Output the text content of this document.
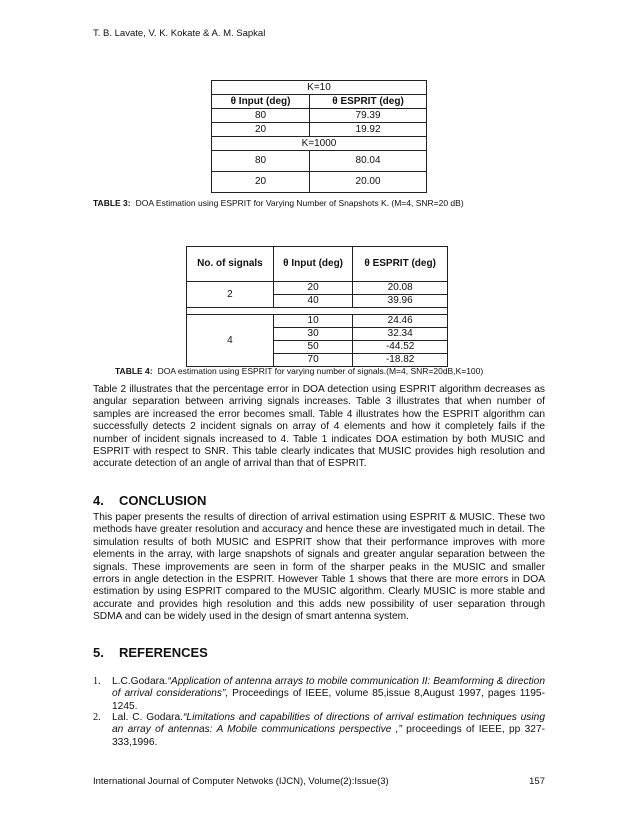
T. B. Lavate, V. K. Kokate & A. M. Sapkal
K=10	
θ Input (deg)	θ ESPRIT (deg)
80	79.39
20	19.92
K=1000	
80	80.04
20	20.00
TABLE 3: DOA Estimation using ESPRIT for Varying Number of Snapshots K. (M=4, SNR=20 dB)
No. of signals	θ Input (deg)	θ ESPRIT (deg)
2	20	20.08
	40	39.96

4	10	24.46
	30	32.34
	50	-44.52
	70	-18.82
TABLE 4: DOA estimation using ESPRIT for varying number of signals.(M=4, SNR=20dB,K=100)

Table 2 illustrates that the percentage error in DOA detection using ESPRIT algorithm decreases as angular separation between arriving signals increases. Table 3 illustrates that when number of samples are increased the error becomes small. Table 4 illustrates how the ESPRIT algorithm can successfully detects 2 incident signals on array of 4 elements and how it completely fails if the number of incident signals increased to 4. Table 1 indicates DOA estimation by both MUSIC and ESPRIT with respect to SNR. This table clearly indicates that MUSIC provides high resolution and accurate detection of an angle of arrival than that of ESPRIT.

4. CONCLUSION

This paper presents the results of direction of arrival estimation using ESPRIT & MUSIC. These two methods have greater resolution and accuracy and hence these are investigated much in detail. The simulation results of both MUSIC and ESPRIT show that their performance improves with more elements in the array, with large snapshots of signals and greater angular separation between the signals. These improvements are seen in form of the sharper peaks in the MUSIC and smaller errors in angle detection in the ESPRIT. However Table 1 shows that there are more errors in DOA estimation by using ESPRIT compared to the MUSIC algorithm. Clearly MUSIC is more stable and accurate and provides high resolution and this adds new possibility of user separation through SDMA and can be widely used in the design of smart antenna system.

5. REFERENCES
1. L.C.Godara.“Application of antenna arrays to mobile communication II: Beamforming & direction of arrival considerations”, Proceedings of IEEE, volume 85,issue 8,August 1997, pages 1195-1245.
2. Lal. C. Godara.“Limitations and capabilities of directions of arrival estimation techniques using an array of antennas: A Mobile communications perspective ,” proceedings of IEEE, pp 327-333,1996.
International Journal of Computer Netwoks (IJCN), Volume(2):Issue(3)	157
